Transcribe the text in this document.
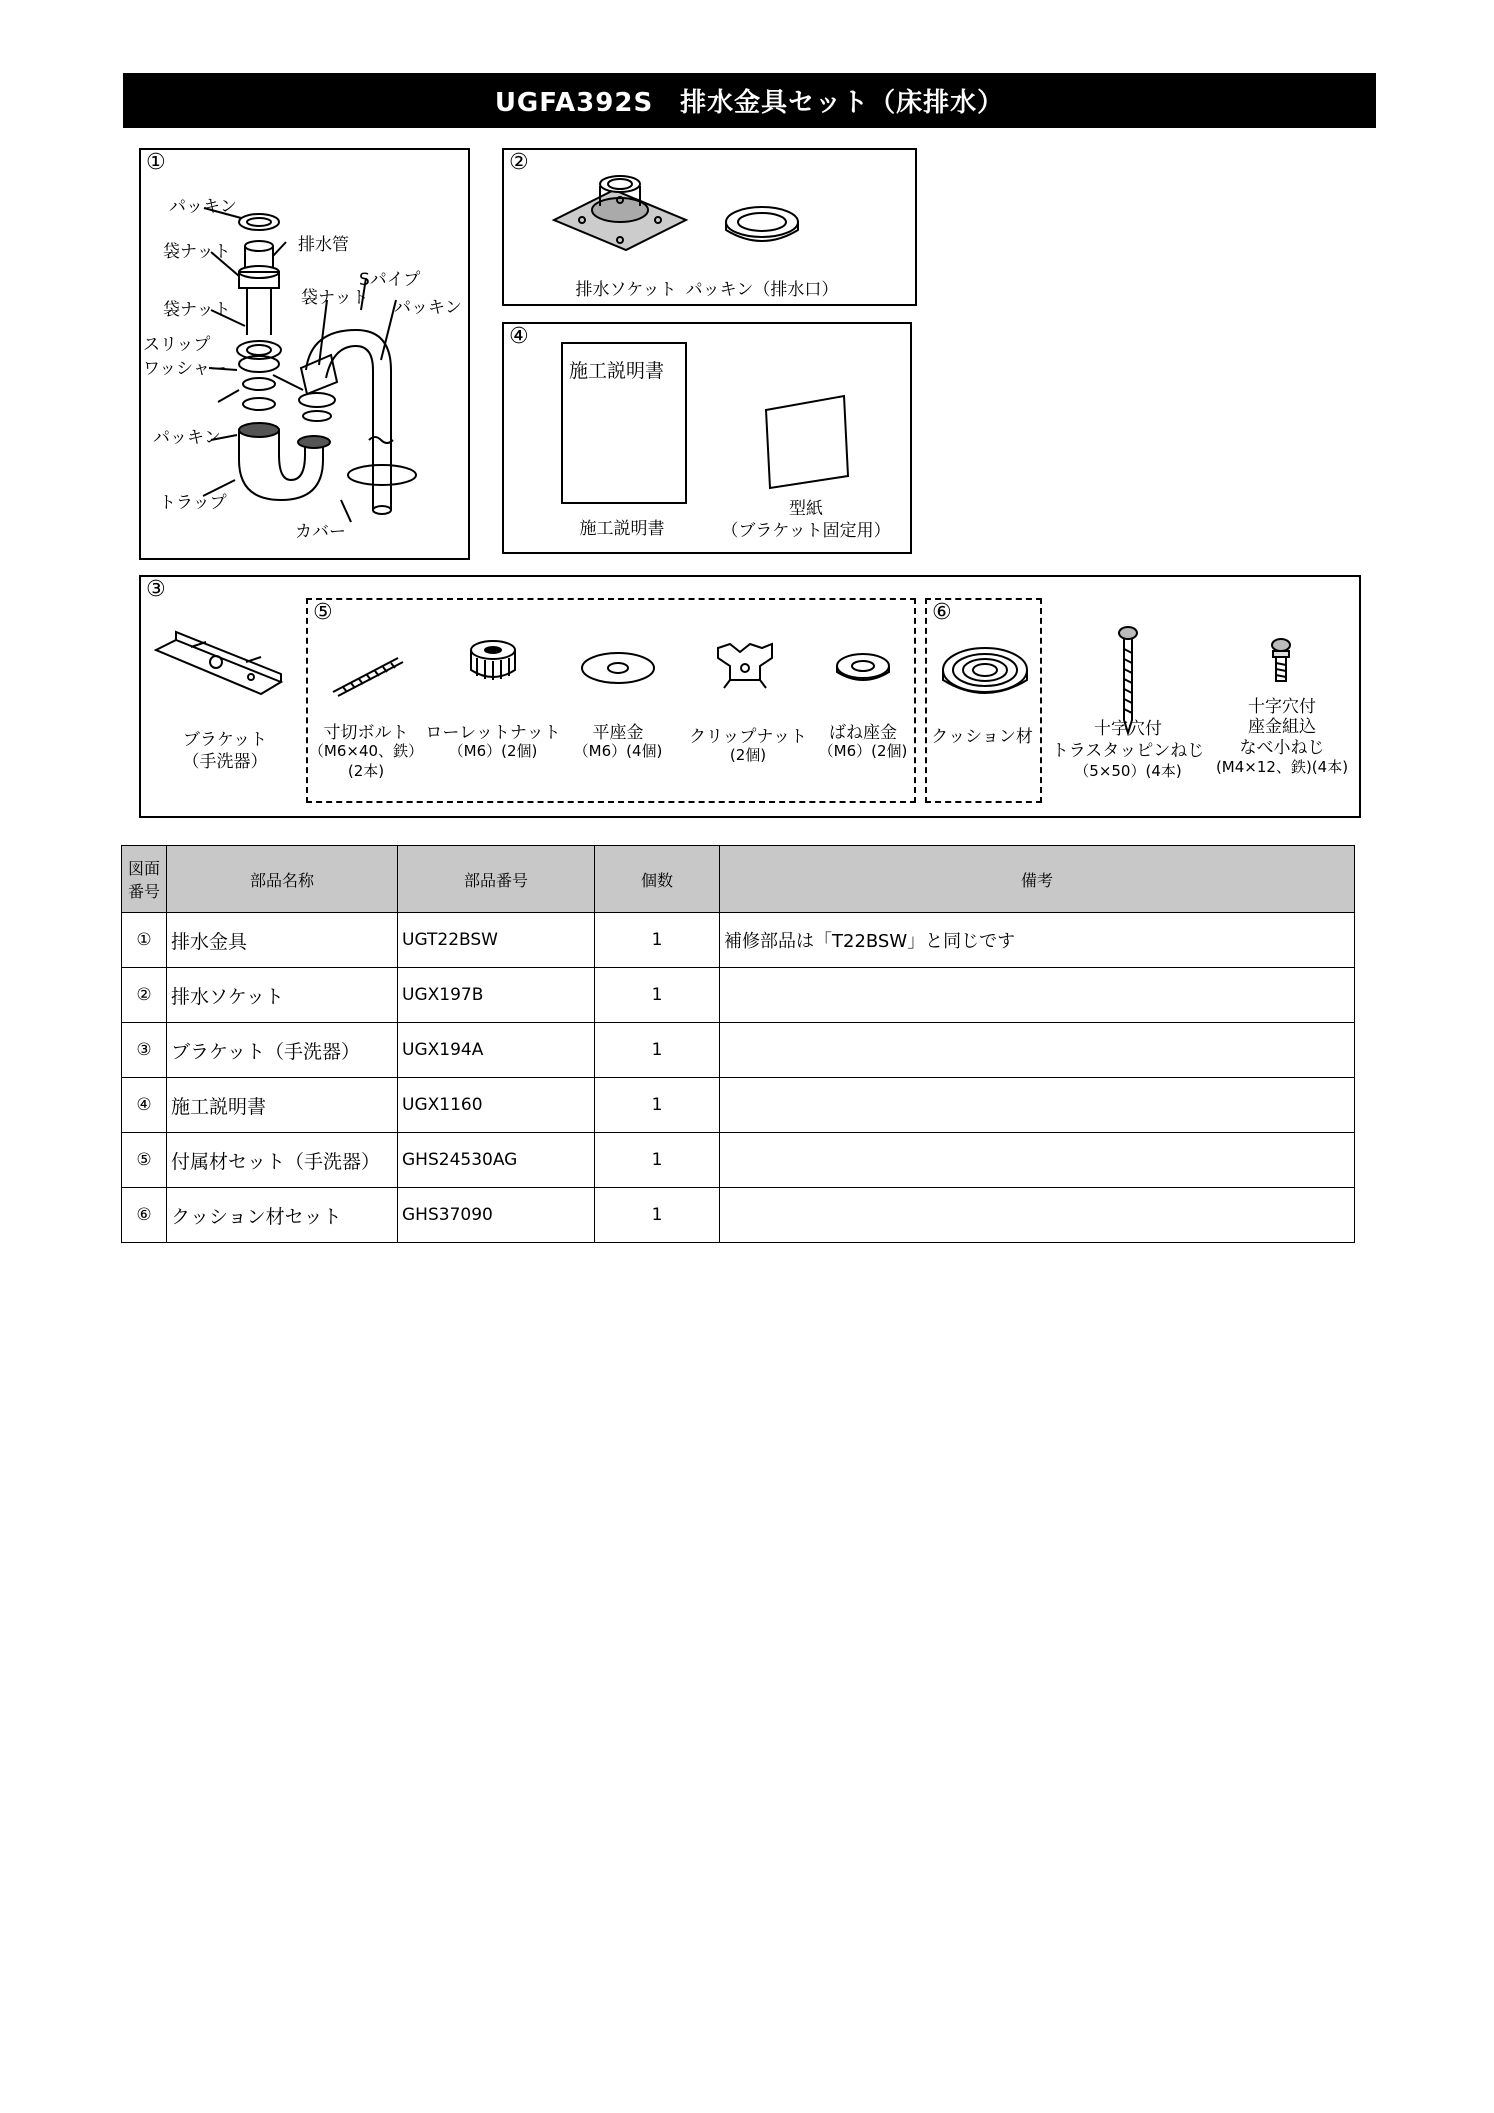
UGFA392S　排水金具セット（床排水）
①
パッキン
排水管
袋ナット
Sパイプ
袋ナット パッキン
袋ナット
スリップ
ワッシャー
パッキン
トラップ
カバー
②
排水ソケット パッキン（排水口）
④
施工説明書
施工説明書
型紙
（ブラケット固定用）
③
ブラケット
（手洗器）
十字穴付
トラスタッピンねじ
（5×50）(4本)
十字穴付
座金組込
なべ小ねじ
(M4×12、鉄)(4本)
⑤
寸切ボルト
（M6×40、鉄）
(2本)
ローレットナット
（M6）(2個)
平座金
（M6）(4個)
クリップナット
(2個)
ばね座金
（M6）(2個)
⑥
クッション材
図面
番号	部品名称	部品番号	個数	備考
①	排水金具	UGT22BSW	1	補修部品は「T22BSW」と同じです
②	排水ソケット	UGX197B	1	
③	ブラケット（手洗器）	UGX194A	1	
④	施工説明書	UGX1160	1	
⑤	付属材セット（手洗器）	GHS24530AG	1	
⑥	クッション材セット	GHS37090	1	
